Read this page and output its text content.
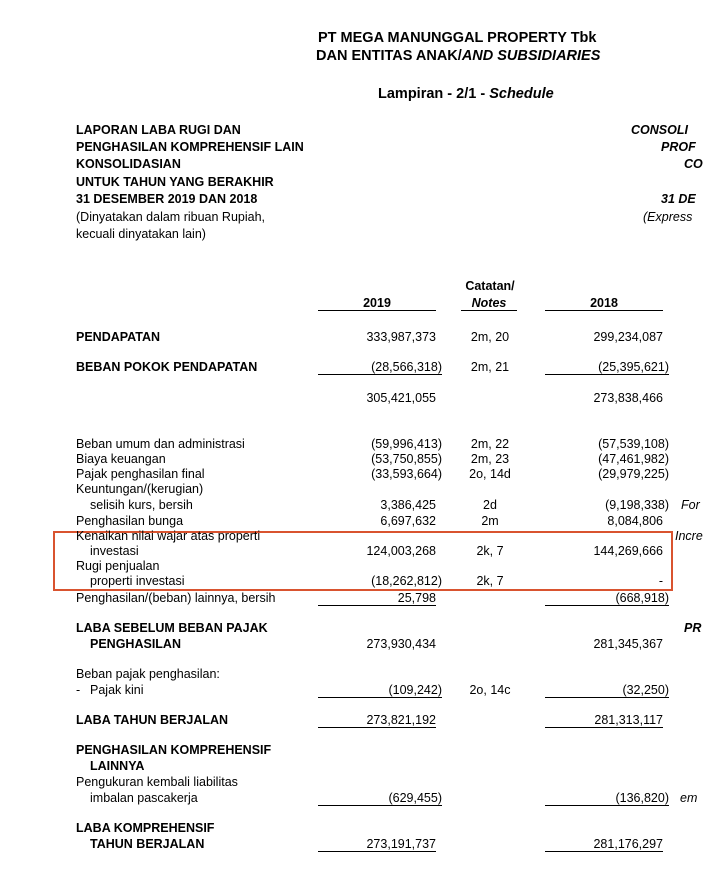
PT MEGA MANUNGGAL PROPERTY Tbk
DAN ENTITAS ANAK/AND SUBSIDIARIES
Lampiran - 2/1 - Schedule
LAPORAN LABA RUGI DAN
PENGHASILAN KOMPREHENSIF LAIN
KONSOLIDASIAN
UNTUK TAHUN YANG BERAKHIR
31 DESEMBER 2019 DAN 2018
(Dinyatakan dalam ribuan Rupiah,
kecuali dinyatakan lain)
CONSOLI
PROF
CO
31 DE
(Express
Catatan/
Notes
2019	2018
PENDAPATAN	333,987,373	2m, 20	299,234,087
BEBAN POKOK PENDAPATAN	(28,566,318)	2m, 21	(25,395,621)
305,421,055	273,838,466
Beban umum dan administrasi	(59,996,413)	2m, 22	(57,539,108)
Biaya keuangan	(53,750,855)	2m, 23	(47,461,982)
Pajak penghasilan final	(33,593,664)	2o, 14d	(29,979,225)
Keuntungan/(kerugian)
selisih kurs, bersih	3,386,425	2d	(9,198,338) For
Penghasilan bunga	6,697,632	2m	8,084,806
Kenaikan nilai wajar atas properti
investasi	124,003,268	2k, 7	144,269,666
Incre
Rugi penjualan
properti investasi	(18,262,812)	2k, 7	-
Penghasilan/(beban) lainnya, bersih	25,798	(668,918)
LABA SEBELUM BEBAN PAJAK
PENGHASILAN	273,930,434	281,345,367
PR
Beban pajak penghasilan:
- Pajak kini	(109,242)	2o, 14c	(32,250)
LABA TAHUN BERJALAN	273,821,192	281,313,117
PENGHASILAN KOMPREHENSIF
LAINNYA
Pengukuran kembali liabilitas
imbalan pascakerja	(629,455)	(136,820) em
LABA KOMPREHENSIF
TAHUN BERJALAN	273,191,737	281,176,297
